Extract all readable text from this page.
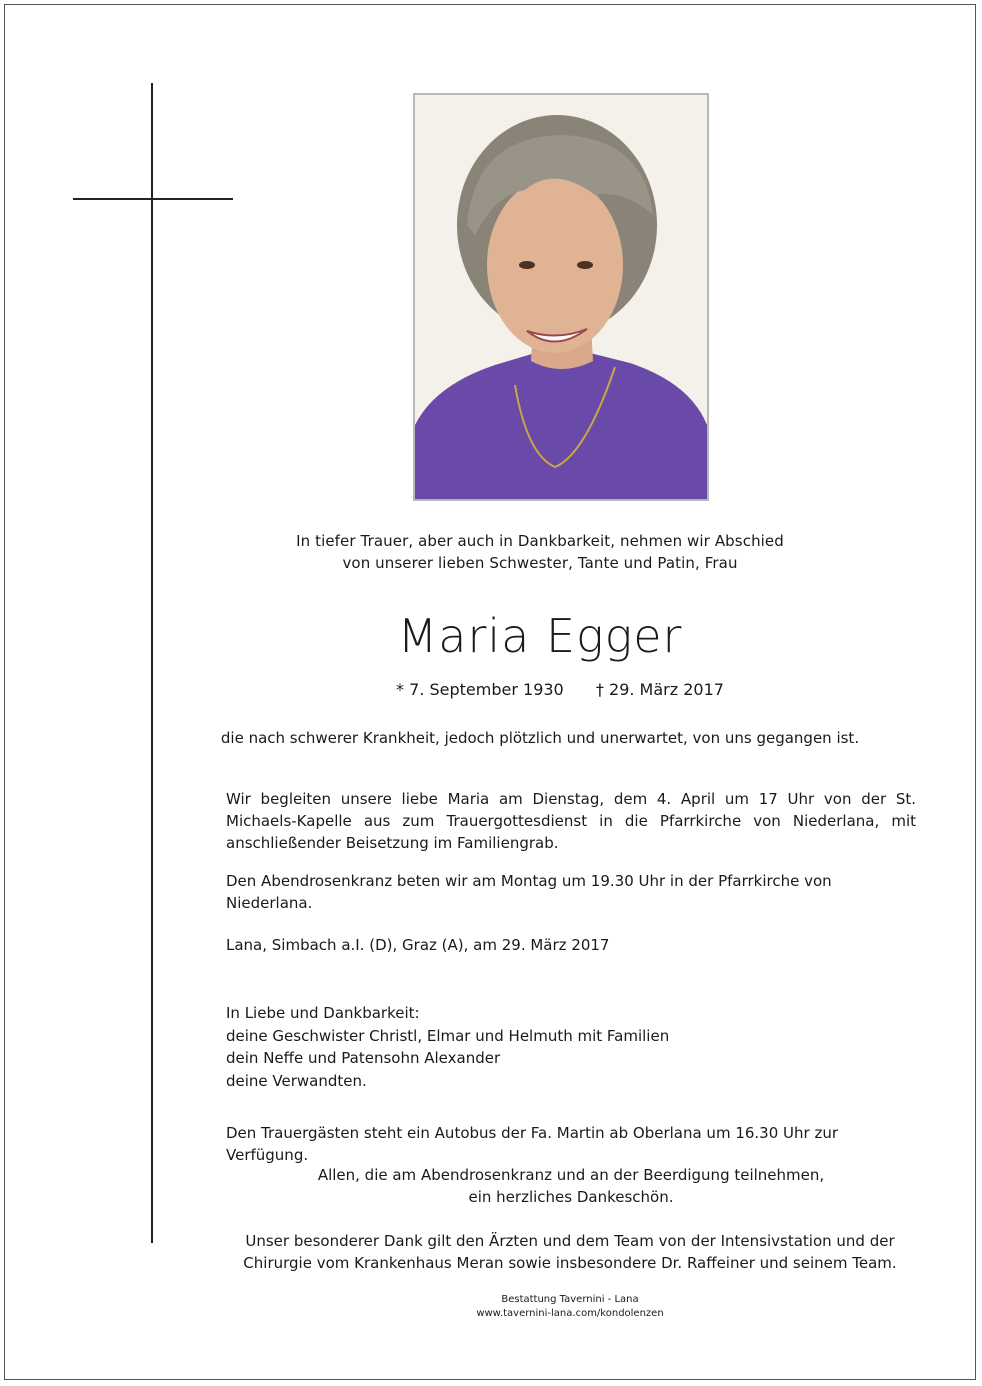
In tiefer Trauer, aber auch in Dankbarkeit, nehmen wir Abschied
von unserer lieben Schwester, Tante und Patin, Frau
Maria Egger
* 7. September 1930 † 29. März 2017
die nach schwerer Krankheit, jedoch plötzlich und unerwartet, von uns gegangen ist.
Wir begleiten unsere liebe Maria am Dienstag, dem 4. April um 17 Uhr von der St. Michaels-Kapelle aus zum Trauergottesdienst in die Pfarrkirche von Niederlana, mit anschließender Beisetzung im Familiengrab.
Den Abendrosenkranz beten wir am Montag um 19.30 Uhr in der Pfarrkirche von Niederlana.
Lana, Simbach a.I. (D), Graz (A), am 29. März 2017
In Liebe und Dankbarkeit:
deine Geschwister Christl, Elmar und Helmuth mit Familien
dein Neffe und Patensohn Alexander
deine Verwandten.
Den Trauergästen steht ein Autobus der Fa. Martin ab Oberlana um 16.30 Uhr zur Verfügung.
Allen, die am Abendrosenkranz und an der Beerdigung teilnehmen,
ein herzliches Dankeschön.
Unser besonderer Dank gilt den Ärzten und dem Team von der Intensivstation und der
Chirurgie vom Krankenhaus Meran sowie insbesondere Dr. Raffeiner und seinem Team.
Bestattung Tavernini - Lana
www.tavernini-lana.com/kondolenzen
